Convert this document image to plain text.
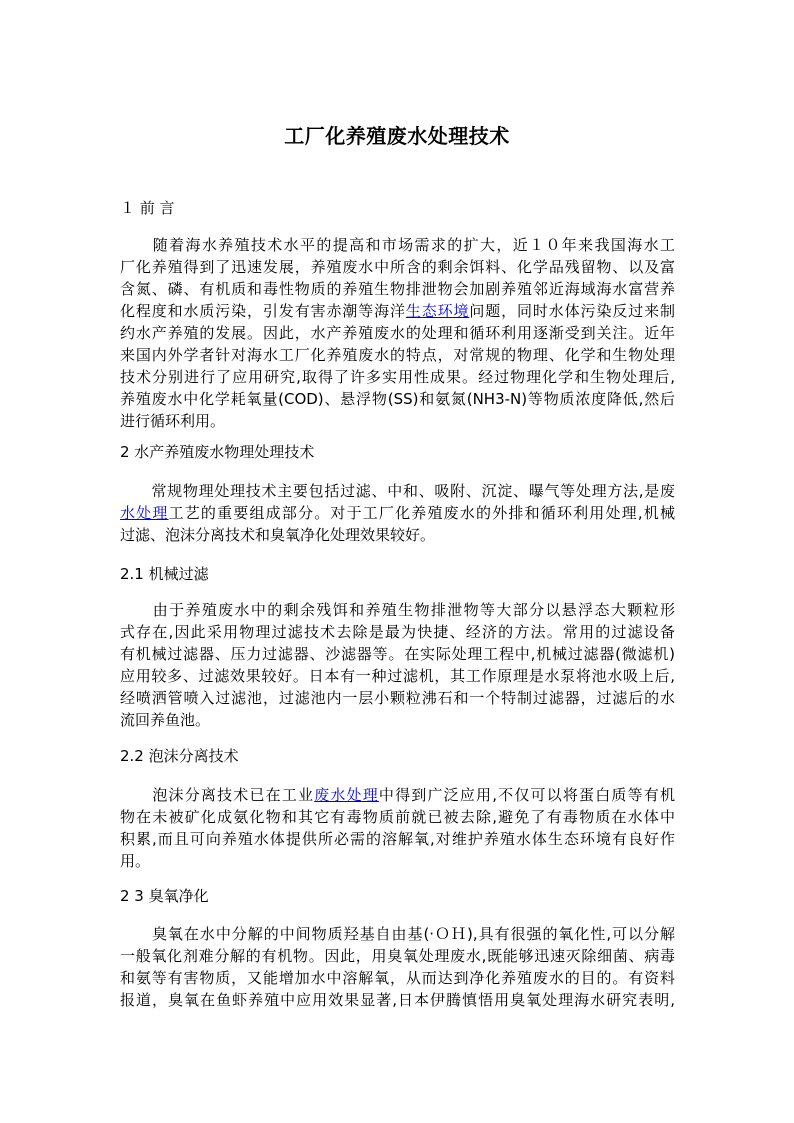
工厂化养殖废水处理技术
１ 前 言
　　随着海水养殖技术水平的提高和市场需求的扩大，近１０年来我国海水工
厂化养殖得到了迅速发展，养殖废水中所含的剩余饵料、化学品残留物、以及富
含氮、磷、有机质和毒性物质的养殖生物排泄物会加剧养殖邻近海域海水富营养
化程度和水质污染，引发有害赤潮等海洋生态环境问题，同时水体污染反过来制
约水产养殖的发展。因此，水产养殖废水的处理和循环利用逐渐受到关注。近年
来国内外学者针对海水工厂化养殖废水的特点，对常规的物理、化学和生物处理
技术分别进行了应用研究,取得了许多实用性成果。经过物理化学和生物处理后,
养殖废水中化学耗氧量(COD)、悬浮物(SS)和氨氮(NH3-N)等物质浓度降低,然后
进行循环利用。
2 水产养殖废水物理处理技术
　　常规物理处理技术主要包括过滤、中和、吸附、沉淀、曝气等处理方法,是废
水处理工艺的重要组成部分。对于工厂化养殖废水的外排和循环利用处理,机械
过滤、泡沫分离技术和臭氧净化处理效果较好。
2.1 机械过滤
　　由于养殖废水中的剩余残饵和养殖生物排泄物等大部分以悬浮态大颗粒形
式存在,因此采用物理过滤技术去除是最为快捷、经济的方法。常用的过滤设备
有机械过滤器、压力过滤器、沙滤器等。在实际处理工程中,机械过滤器(微滤机)
应用较多、过滤效果较好。日本有一种过滤机，其工作原理是水泵将池水吸上后,
经喷洒管喷入过滤池，过滤池内一层小颗粒沸石和一个特制过滤器，过滤后的水
流回养鱼池。
2.2 泡沫分离技术
　　泡沫分离技术已在工业废水处理中得到广泛应用,不仅可以将蛋白质等有机
物在未被矿化成氨化物和其它有毒物质前就已被去除,避免了有毒物质在水体中
积累,而且可向养殖水体提供所必需的溶解氧,对维护养殖水体生态环境有良好作
用。
2 3 臭氧净化
　　臭氧在水中分解的中间物质羟基自由基(·ＯＨ),具有很强的氧化性,可以分解
一般氧化剂难分解的有机物。因此，用臭氧处理废水,既能够迅速灭除细菌、病毒
和氨等有害物质，又能增加水中溶解氧，从而达到净化养殖废水的目的。有资料
报道，臭氧在鱼虾养殖中应用效果显著,日本伊腾慎悟用臭氧处理海水研究表明,
